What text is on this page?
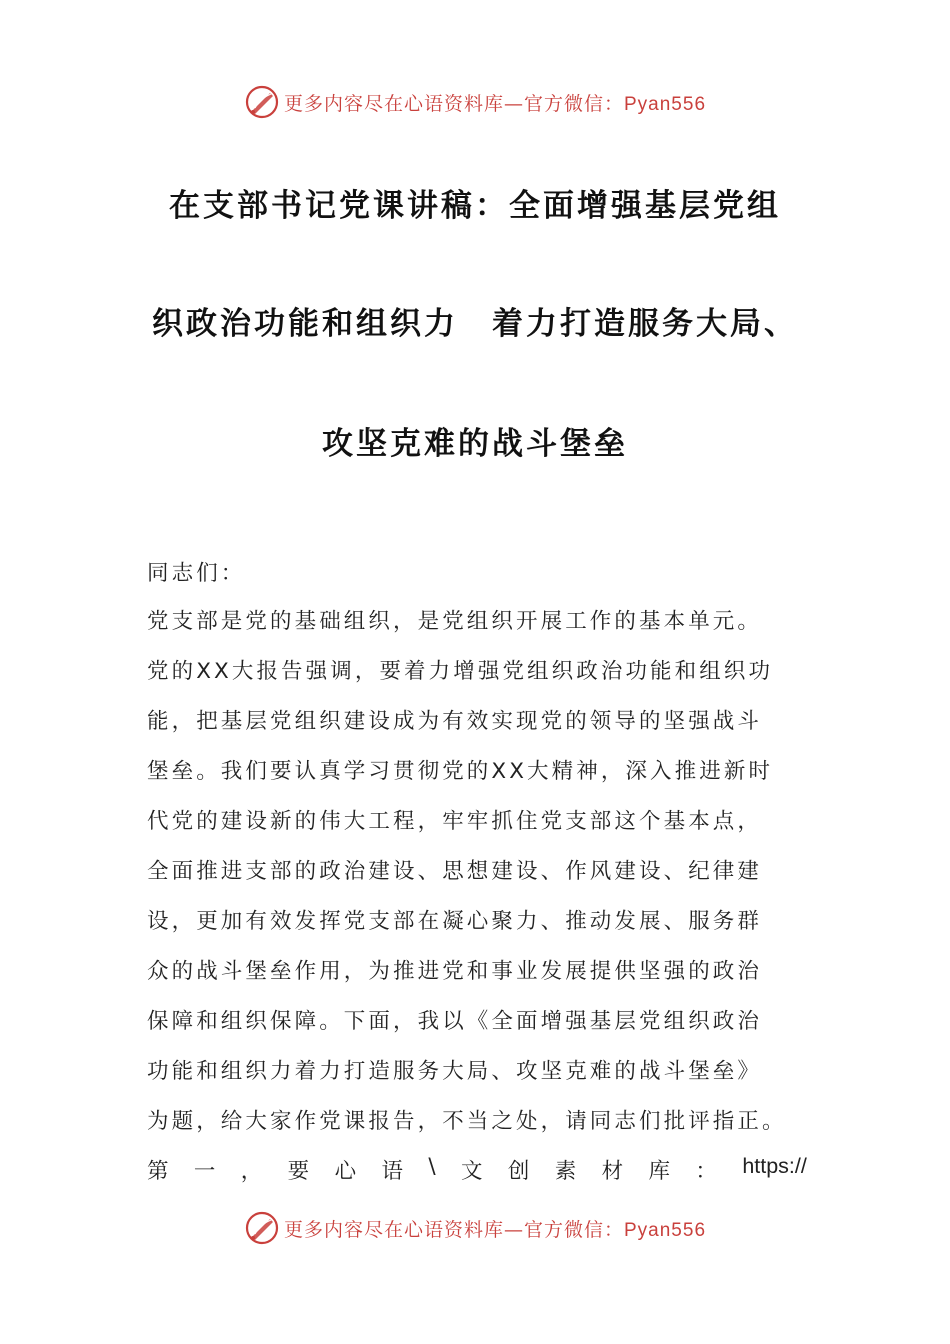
更多内容尽在心语资料库—官方微信：Pyan556
在支部书记党课讲稿：全面增强基层党组
织政治功能和组织力　着力打造服务大局、
攻坚克难的战斗堡垒
同志们：
党支部是党的基础组织，是党组织开展工作的基本单元。
党的XX大报告强调，要着力增强党组织政治功能和组织功
能，把基层党组织建设成为有效实现党的领导的坚强战斗
堡垒。我们要认真学习贯彻党的XX大精神，深入推进新时
代党的建设新的伟大工程，牢牢抓住党支部这个基本点，
全面推进支部的政治建设、思想建设、作风建设、纪律建
设，更加有效发挥党支部在凝心聚力、推动发展、服务群
众的战斗堡垒作用，为推进党和事业发展提供坚强的政治
保障和组织保障。下面，我以《全面增强基层党组织政治
功能和组织力着力打造服务大局、攻坚克难的战斗堡垒》
为题，给大家作党课报告，不当之处，请同志们批评指正。
第 一 ， 要 心 语 \ 文 创 素 材 库 ： https://
更多内容尽在心语资料库—官方微信：Pyan556
